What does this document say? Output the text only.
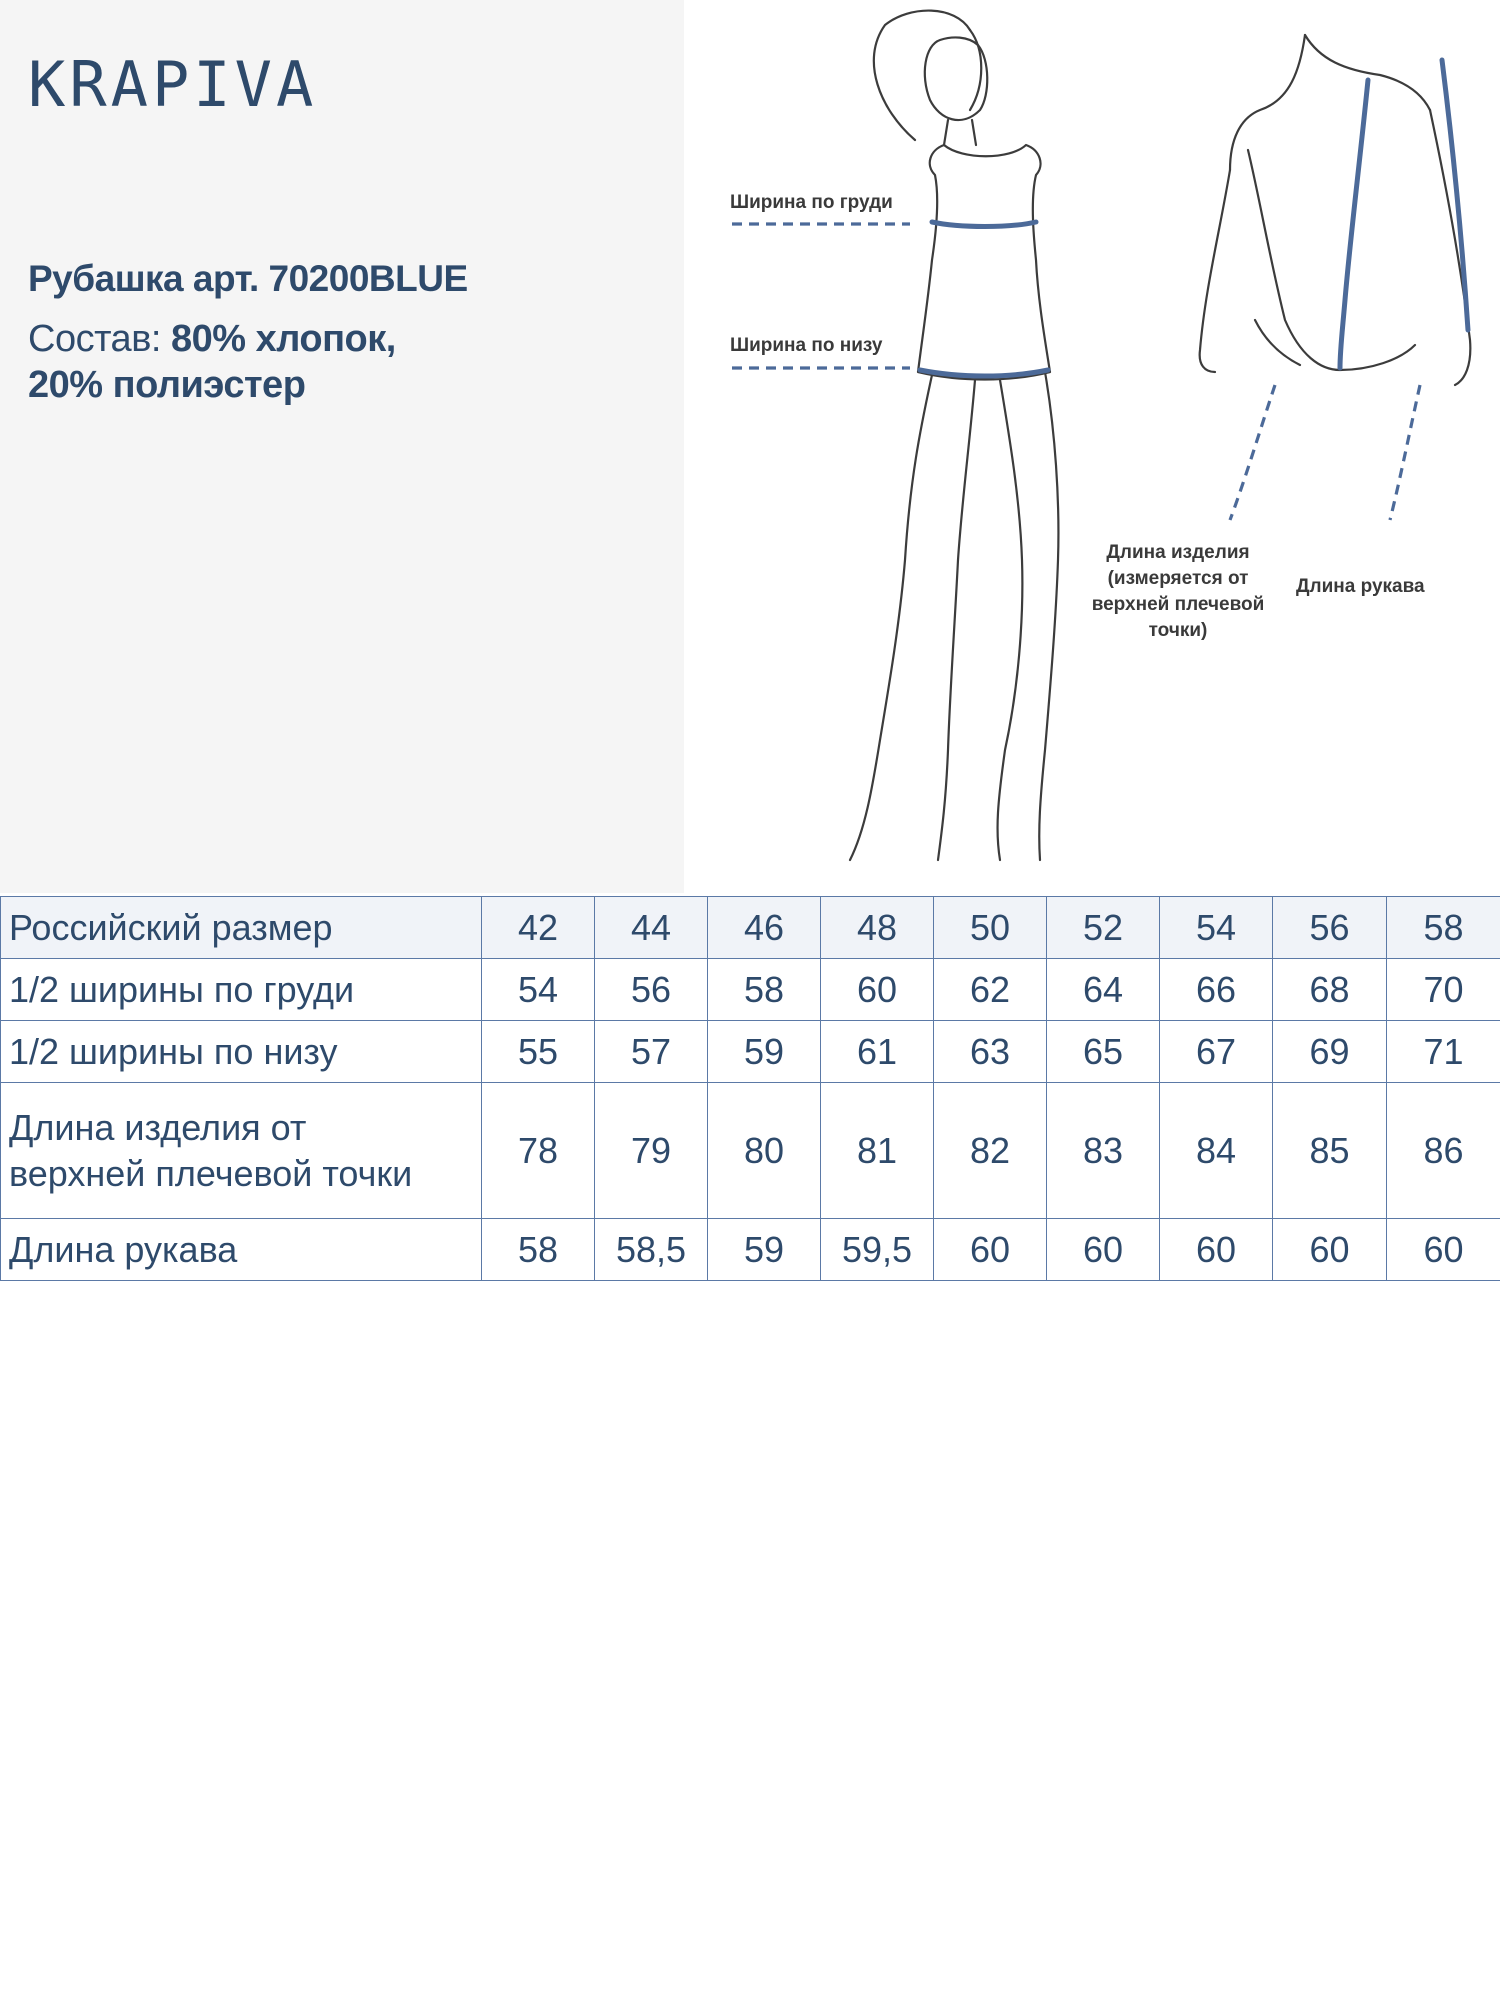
KRAPIVA

Рубашка арт. 70200BLUE

Состав: 80% хлопок,
20% полиэстер

Ширина по груди
Ширина по низу
Длина изделия
(измеряется от
верхней плечевой
точки)
Длина рукава
Российский размер	42	44	46	48	50	52	54	56	58
1/2 ширины по груди	54	56	58	60	62	64	66	68	70
1/2 ширины по низу	55	57	59	61	63	65	67	69	71
Длина изделия от
верхней плечевой точки	78	79	80	81	82	83	84	85	86
Длина рукава	58	58,5	59	59,5	60	60	60	60	60
